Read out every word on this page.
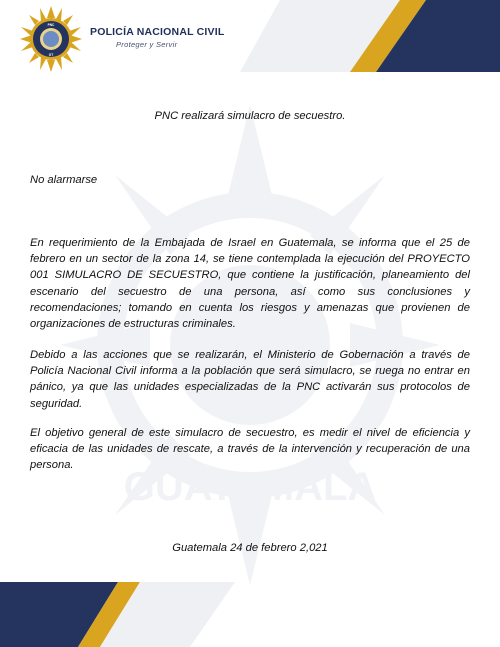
PNC
GT
POLICÍA NACIONAL CIVIL
Proteger y Servir
GUATEMALA

PNC realizará simulacro de secuestro.

No alarmarse

En requerimiento de la Embajada de Israel en Guatemala, se informa que el 25 de febrero en un sector de la zona 14, se tiene contemplada la ejecución del PROYECTO 001 SIMULACRO DE SECUESTRO, que contiene la justificación, planeamiento del escenario del secuestro de una persona, así como sus conclusiones y recomendaciones; tomando en cuenta los riesgos y amenazas que provienen de organizaciones de estructuras criminales.

Debido a las acciones que se realizarán, el Ministerio de Gobernación a través de Policía Nacional Civil informa a la población que será simulacro, se ruega no entrar en pánico, ya que las unidades especializadas de la PNC activarán sus protocolos de seguridad.

El objetivo general de este simulacro de secuestro, es medir el nivel de eficiencia y eficacia de las unidades de rescate, a través de la intervención y recuperación de una persona.

Guatemala 24 de febrero 2,021
